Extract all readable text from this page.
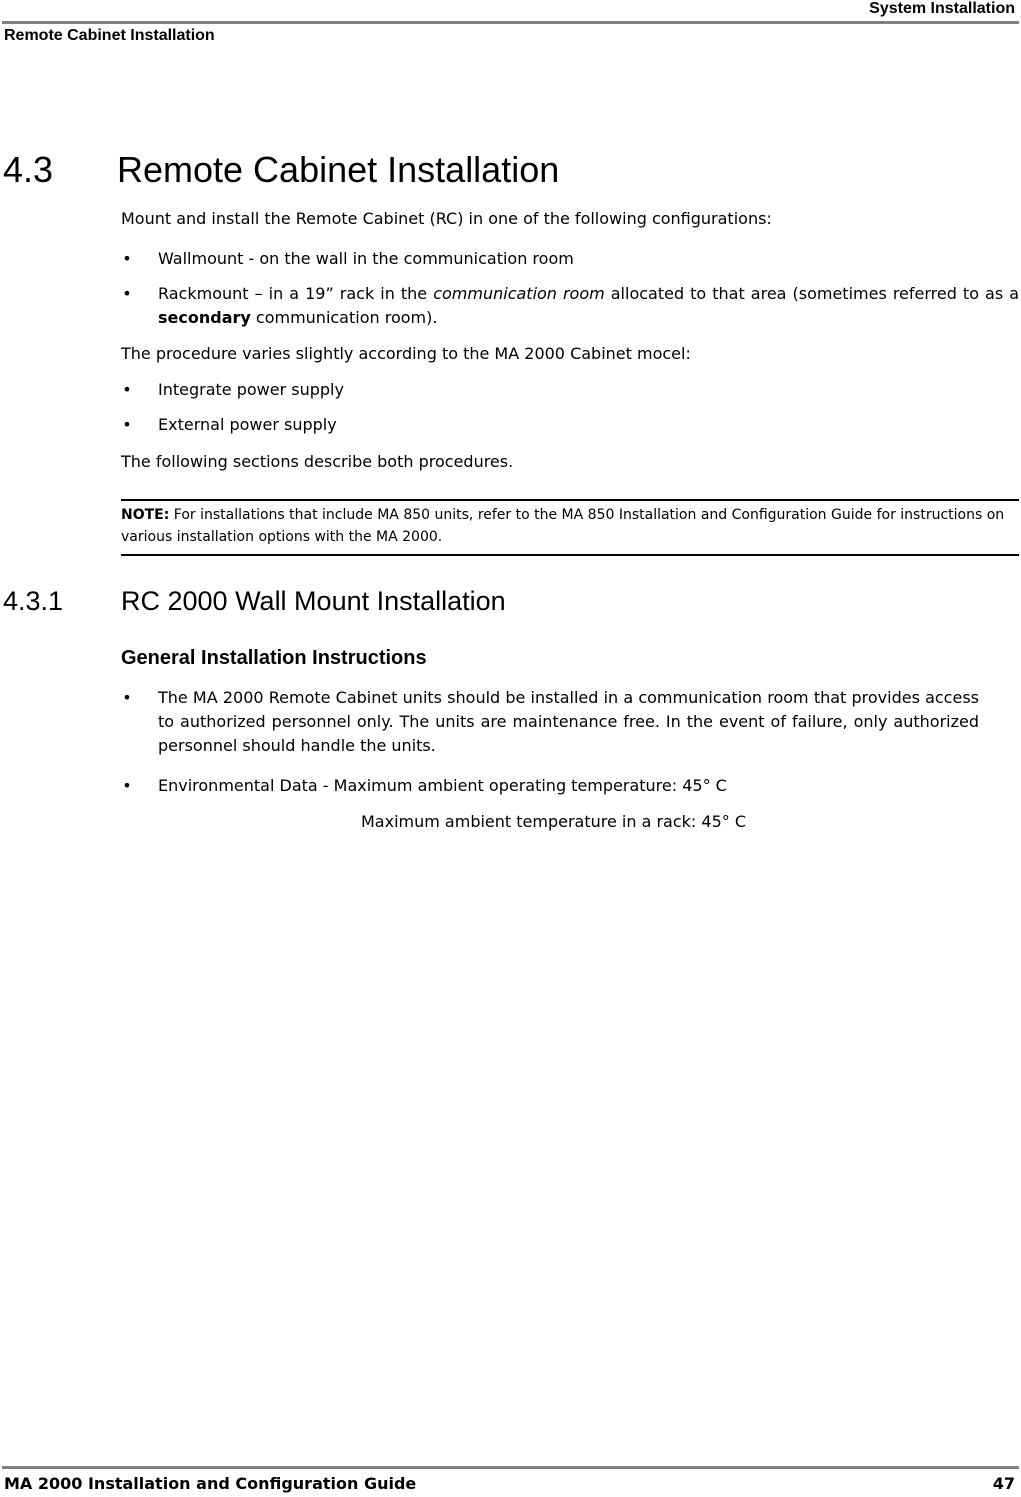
System Installation
Remote Cabinet Installation
4.3 Remote Cabinet Installation

Mount and install the Remote Cabinet (RC) in one of the following configurations:

• Wallmount - on the wall in the communication room
• Rackmount – in a 19” rack in the communication room allocated to that area (sometimes referred to as a secondary communication room).

The procedure varies slightly according to the MA 2000 Cabinet mocel:

• Integrate power supply
• External power supply

The following sections describe both procedures.

NOTE: For installations that include MA 850 units, refer to the MA 850 Installation and Configuration Guide for instructions on various installation options with the MA 2000.
4.3.1 RC 2000 Wall Mount Installation
General Installation Instructions
• The MA 2000 Remote Cabinet units should be installed in a communication room that provides access to authorized personnel only. The units are maintenance free. In the event of failure, only authorized personnel should handle the units.
• Environmental Data - Maximum ambient operating temperature: 45° C
Maximum ambient temperature in a rack: 45° C
MA 2000 Installation and Configuration Guide	47
